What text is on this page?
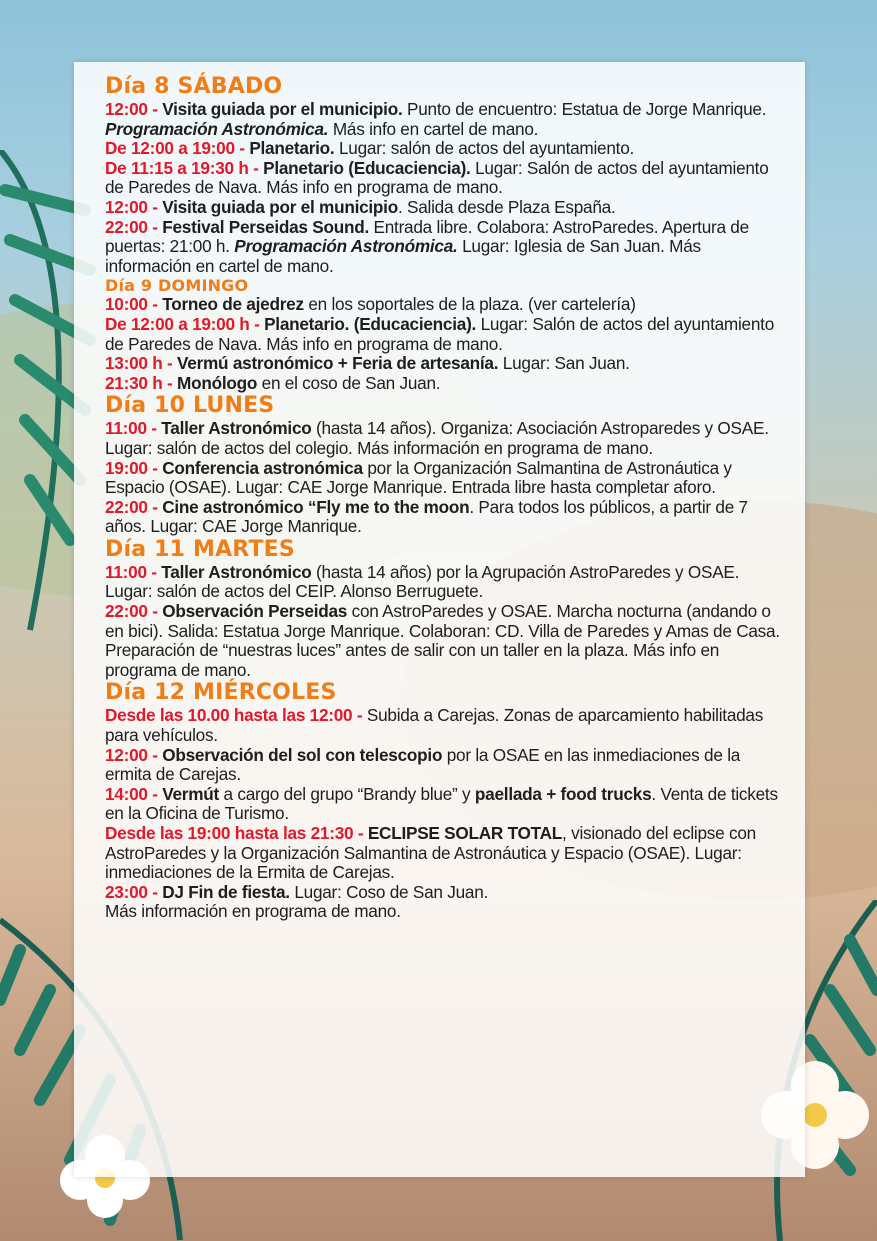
Día 8 SÁBADO

12:00 - Visita guiada por el municipio. Punto de encuentro: Estatua de Jorge Manrique. Programación Astronómica. Más info en cartel de mano.

De 12:00 a 19:00 - Planetario. Lugar: salón de actos del ayuntamiento.

De 11:15 a 19:30 h - Planetario (Educaciencia). Lugar: Salón de actos del ayuntamiento de Paredes de Nava. Más info en programa de mano.

12:00 - Visita guiada por el municipio. Salida desde Plaza España.

22:00 - Festival Perseidas Sound. Entrada libre. Colabora: AstroParedes. Apertura de puertas: 21:00 h. Programación Astronómica. Lugar: Iglesia de San Juan. Más información en cartel de mano.

Día 9 DOMINGO

10:00 - Torneo de ajedrez en los soportales de la plaza. (ver cartelería)

De 12:00 a 19:00 h - Planetario. (Educaciencia). Lugar: Salón de actos del ayuntamiento de Paredes de Nava. Más info en programa de mano.

13:00 h - Vermú astronómico + Feria de artesanía. Lugar: San Juan.

21:30 h - Monólogo en el coso de San Juan.

Día 10 LUNES

11:00 - Taller Astronómico (hasta 14 años). Organiza: Asociación Astroparedes y OSAE. Lugar: salón de actos del colegio. Más información en programa de mano.

19:00 - Conferencia astronómica por la Organización Salmantina de Astronáutica y Espacio (OSAE). Lugar: CAE Jorge Manrique. Entrada libre hasta completar aforo.

22:00 - Cine astronómico “Fly me to the moon. Para todos los públicos, a partir de 7 años. Lugar: CAE Jorge Manrique.

Día 11 MARTES

11:00 - Taller Astronómico (hasta 14 años) por la Agrupación AstroParedes y OSAE. Lugar: salón de actos del CEIP. Alonso Berruguete.

22:00 - Observación Perseidas con AstroParedes y OSAE. Marcha nocturna (andando o en bici). Salida: Estatua Jorge Manrique. Colaboran: CD. Villa de Paredes y Amas de Casa. Preparación de “nuestras luces” antes de salir con un taller en la plaza. Más info en programa de mano.

Día 12 MIÉRCOLES

Desde las 10.00 hasta las 12:00 - Subida a Carejas. Zonas de aparcamiento habilitadas para vehículos.

12:00 - Observación del sol con telescopio por la OSAE en las inmediaciones de la ermita de Carejas.

14:00 - Vermút a cargo del grupo “Brandy blue” y paellada + food trucks. Venta de tickets en la Oficina de Turismo.

Desde las 19:00 hasta las 21:30 - ECLIPSE SOLAR TOTAL, visionado del eclipse con AstroParedes y la Organización Salmantina de Astronáutica y Espacio (OSAE). Lugar: inmediaciones de la Ermita de Carejas.

23:00 - DJ Fin de fiesta. Lugar: Coso de San Juan.

Más información en programa de mano.
